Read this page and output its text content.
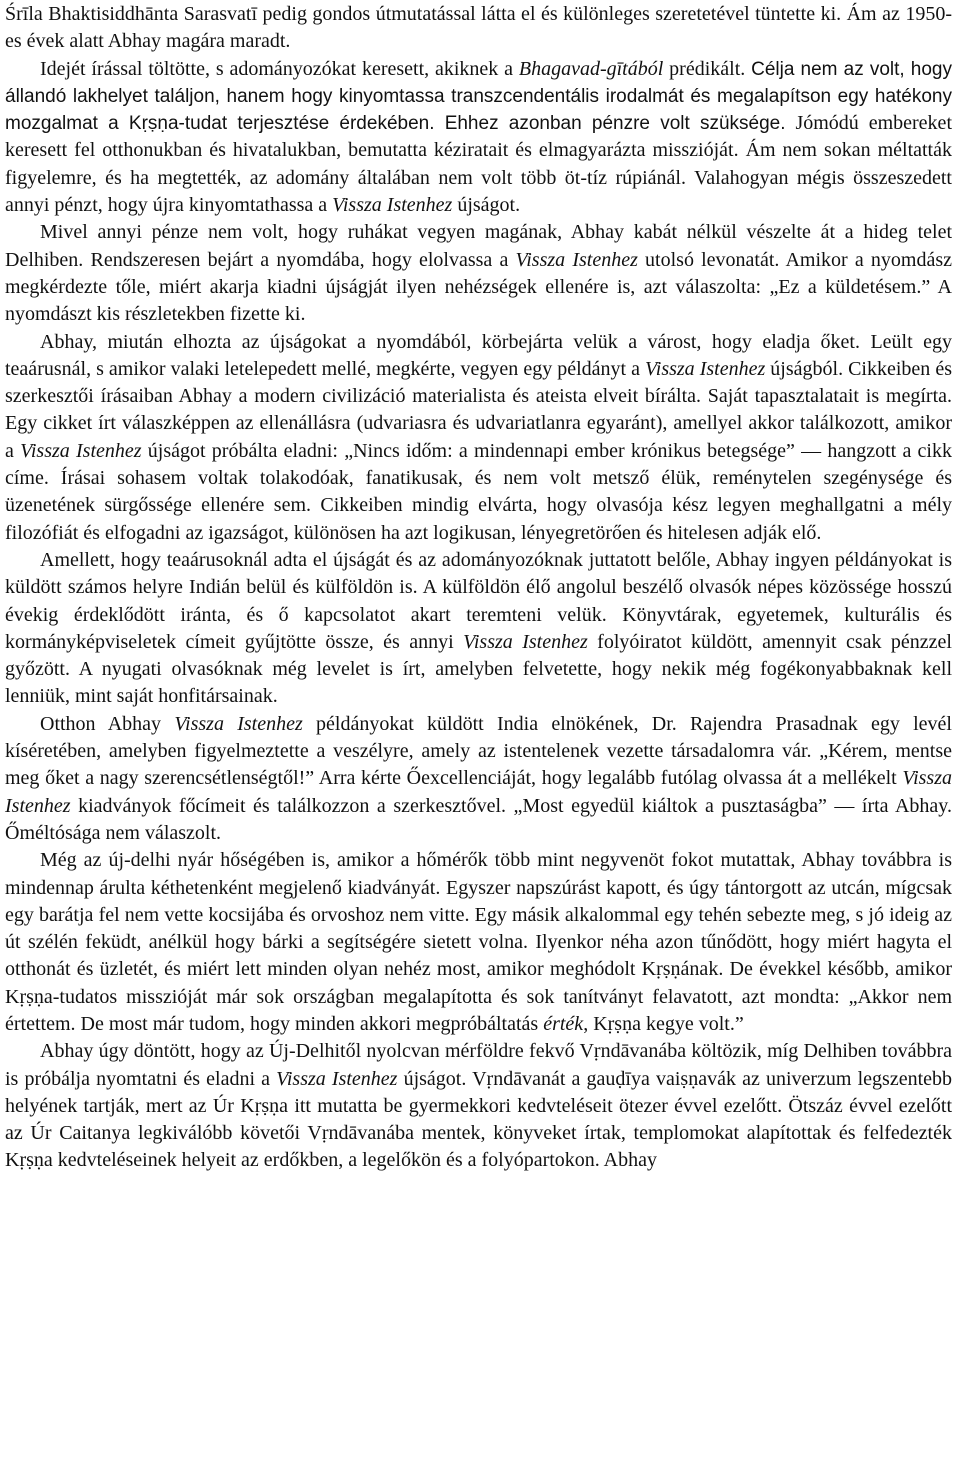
Śrīla Bhaktisiddhānta Sarasvatī pedig gondos útmutatással látta el és különleges szeretetével tüntette ki. Ám az 1950-es évek alatt Abhay magára maradt.

Idejét írással töltötte, s adományozókat keresett, akiknek a Bhagavad-gītából prédikált. Célja nem az volt, hogy állandó lakhelyet találjon, hanem hogy kinyomtassa transzcendentális irodalmát és megalapítson egy hatékony mozgalmat a Kṛṣṇa-tudat terjesztése érdekében. Ehhez azonban pénzre volt szüksége. Jómódú embereket keresett fel otthonukban és hivatalukban, bemutatta kéziratait és elmagyarázta misszióját. Ám nem sokan méltatták figyelemre, és ha megtették, az adomány általában nem volt több öt-tíz rúpiánál. Valahogyan mégis összeszedett annyi pénzt, hogy újra kinyomtathassa a Vissza Istenhez újságot.

Mivel annyi pénze nem volt, hogy ruhákat vegyen magának, Abhay kabát nélkül vészelte át a hideg telet Delhiben. Rendszeresen bejárt a nyomdába, hogy elolvassa a Vissza Istenhez utolsó levonatát. Amikor a nyomdász megkérdezte tőle, miért akarja kiadni újságját ilyen nehézségek ellenére is, azt válaszolta: „Ez a küldetésem.” A nyomdászt kis részletekben fizette ki.

Abhay, miután elhozta az újságokat a nyomdából, körbejárta velük a várost, hogy eladja őket. Leült egy teaárusnál, s amikor valaki letelepedett mellé, megkérte, vegyen egy példányt a Vissza Istenhez újságból. Cikkeiben és szerkesztői írásaiban Abhay a modern civilizáció materialista és ateista elveit bírálta. Saját tapasztalatait is megírta. Egy cikket írt válaszképpen az ellenállásra (udvariasra és udvariatlanra egyaránt), amellyel akkor találkozott, amikor a Vissza Istenhez újságot próbálta eladni: „Nincs időm: a mindennapi ember krónikus betegsége” — hangzott a cikk címe. Írásai sohasem voltak tolakodóak, fanatikusak, és nem volt metsző élük, reménytelen szegénysége és üzenetének sürgőssége ellenére sem. Cikkeiben mindig elvárta, hogy olvasója kész legyen meghallgatni a mély filozófiát és elfogadni az igazságot, különösen ha azt logikusan, lényegretörően és hitelesen adják elő.

Amellett, hogy teaárusoknál adta el újságát és az adományozóknak juttatott belőle, Abhay ingyen példányokat is küldött számos helyre Indián belül és külföldön is. A külföldön élő angolul beszélő olvasók népes közössége hosszú évekig érdeklődött iránta, és ő kapcsolatot akart teremteni velük. Könyvtárak, egyetemek, kulturális és kormányképviseletek címeit gyűjtötte össze, és annyi Vissza Istenhez folyóiratot küldött, amennyit csak pénzzel győzött. A nyugati olvasóknak még levelet is írt, amelyben felvetette, hogy nekik még fogékonyabbaknak kell lenniük, mint saját honfitársainak.

Otthon Abhay Vissza Istenhez példányokat küldött India elnökének, Dr. Rajendra Prasadnak egy levél kíséretében, amelyben figyelmeztette a veszélyre, amely az istentelenek vezette társadalomra vár. „Kérem, mentse meg őket a nagy szerencsétlenségtől!” Arra kérte Őexcellenciáját, hogy legalább futólag olvassa át a mellékelt Vissza Istenhez kiadványok főcímeit és találkozzon a szerkesztővel. „Most egyedül kiáltok a pusztaságba” — írta Abhay. Őméltósága nem válaszolt.

Még az új-delhi nyár hőségében is, amikor a hőmérők több mint negyvenöt fokot mutattak, Abhay továbbra is mindennap árulta kéthetenként megjelenő kiadványát. Egyszer napszúrást kapott, és úgy tántorgott az utcán, mígcsak egy barátja fel nem vette kocsijába és orvoshoz nem vitte. Egy másik alkalommal egy tehén sebezte meg, s jó ideig az út szélén feküdt, anélkül hogy bárki a segítségére sietett volna. Ilyenkor néha azon tűnődött, hogy miért hagyta el otthonát és üzletét, és miért lett minden olyan nehéz most, amikor meghódolt Kṛṣṇának. De évekkel később, amikor Kṛṣṇa-tudatos misszióját már sok országban megalapította és sok tanítványt felavatott, azt mondta: „Akkor nem értettem. De most már tudom, hogy minden akkori megpróbáltatás érték, Kṛṣṇa kegye volt.”

Abhay úgy döntött, hogy az Új-Delhitől nyolcvan mérföldre fekvő Vṛndāvanába költözik, míg Delhiben továbbra is próbálja nyomtatni és eladni a Vissza Istenhez újságot. Vṛndāvanát a gauḍīya vaiṣṇavák az univerzum legszentebb helyének tartják, mert az Úr Kṛṣṇa itt mutatta be gyermekkori kedvteléseit ötezer évvel ezelőtt. Ötszáz évvel ezelőtt az Úr Caitanya legkiválóbb követői Vṛndāvanába mentek, könyveket írtak, templomokat alapítottak és felfedezték Kṛṣṇa kedvteléseinek helyeit az erdőkben, a legelőkön és a folyópartokon. Abhay
